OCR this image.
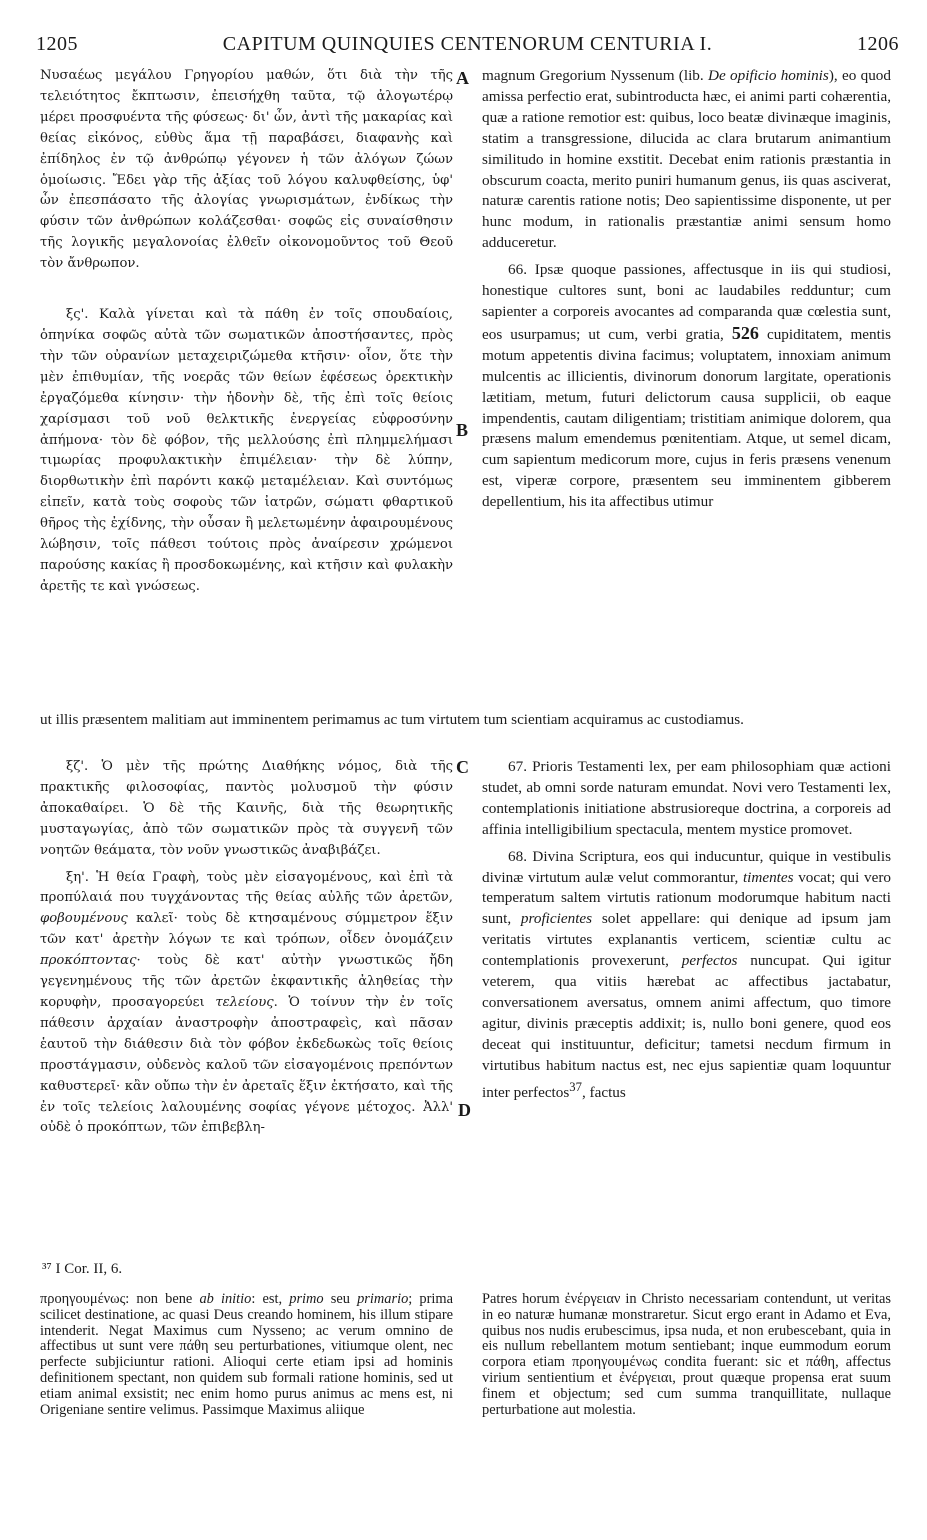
1205	CAPITUM QUINQUIES CENTENORUM CENTURIA I.	1206
A
B
C
D

Νυσαέως μεγάλου Γρηγορίου μαθών, ὅτι διὰ τὴν τῆς τελειότητος ἔκπτωσιν, ἐπεισήχθη ταῦτα, τῷ ἀλογωτέρῳ μέρει προσφυέντα τῆς φύσεως· δι' ὧν, ἀντὶ τῆς μακαρίας καὶ θείας εἰκόνος, εὐθὺς ἅμα τῇ παραβάσει, διαφανὴς καὶ ἐπίδηλος ἐν τῷ ἀνθρώπῳ γέγονεν ἡ τῶν ἀλόγων ζώων ὁμοίωσις. Ἔδει γὰρ τῆς ἀξίας τοῦ λόγου καλυφθείσης, ὑφ' ὧν ἐπεσπάσατο τῆς ἀλογίας γνωρισμάτων, ἐνδίκως τὴν φύσιν τῶν ἀνθρώπων κολάζεσθαι· σοφῶς εἰς συναίσθησιν τῆς λογικῆς μεγαλονοίας ἐλθεῖν οἰκονομοῦντος τοῦ Θεοῦ τὸν ἄνθρωπον.

ξς'. Καλὰ γίνεται καὶ τὰ πάθη ἐν τοῖς σπουδαίοις, ὁπηνίκα σοφῶς αὐτὰ τῶν σωματικῶν ἀποστήσαντες, πρὸς τὴν τῶν οὐρανίων μεταχειριζώμεθα κτῆσιν· οἷον, ὅτε τὴν μὲν ἐπιθυμίαν, τῆς νοερᾶς τῶν θείων ἐφέσεως ὀρεκτικὴν ἐργαζόμεθα κίνησιν· τὴν ἡδονὴν δὲ, τῆς ἐπὶ τοῖς θείοις χαρίσμασι τοῦ νοῦ θελκτικῆς ἐνεργείας εὐφροσύνην ἀπήμονα· τὸν δὲ φόβον, τῆς μελλούσης ἐπὶ πλημμελήμασι τιμωρίας προφυλακτικὴν ἐπιμέλειαν· τὴν δὲ λύπην, διορθωτικὴν ἐπὶ παρόντι κακῷ μεταμέλειαν. Καὶ συντόμως εἰπεῖν, κατὰ τοὺς σοφοὺς τῶν ἰατρῶν, σώματι φθαρτικοῦ θῆρος τὴς ἐχίδνης, τὴν οὖσαν ἢ μελετωμένην ἀφαιρουμένους λώβησιν, τοῖς πάθεσι τούτοις πρὸς ἀναίρεσιν χρώμενοι παρούσης κακίας ἢ προσδοκωμένης, καὶ κτῆσιν καὶ φυλακὴν ἀρετῆς τε καὶ γνώσεως.

magnum Gregorium Nyssenum (lib. De opificio hominis), eo quod amissa perfectio erat, subintroducta hæc, ei animi parti cohærentia, quæ a ratione remotior est: quibus, loco beatæ divinæque imaginis, statim a transgressione, dilucida ac clara brutarum animantium similitudo in homine exstitit. Decebat enim rationis præstantia in obscurum coacta, merito puniri humanum genus, iis quas asciverat, naturæ carentis ratione notis; Deo sapientissime disponente, ut per hunc modum, in rationalis præstantiæ animi sensum homo adduceretur.

66. Ipsæ quoque passiones, affectusque in iis qui studiosi, honestique cultores sunt, boni ac laudabiles redduntur; cum sapienter a corporeis avocantes ad comparanda quæ cœlestia sunt, eos usurpamus; ut cum, verbi gratia, 526 cupiditatem, mentis motum appetentis divina facimus; voluptatem, innoxiam animum mulcentis ac illicientis, divinorum donorum largitate, operationis lætitiam, metum, futuri delictorum causa supplicii, ob eaque impendentis, cautam diligentiam; tristitiam animique dolorem, qua præsens malum emendemus pœnitentiam. Atque, ut semel dicam, cum sapientum medicorum more, cujus in feris præsens venenum est, viperæ corpore, præsentem seu imminentem gibberem depellentium, his ita affectibus utimur

ut illis præsentem malitiam aut imminentem perimamus ac tum virtutem tum scientiam acquiramus ac custodiamus.

ξζ'. Ὁ μὲν τῆς πρώτης Διαθήκης νόμος, διὰ τῆς πρακτικῆς φιλοσοφίας, παντὸς μολυσμοῦ τὴν φύσιν ἀποκαθαίρει. Ὁ δὲ τῆς Καινῆς, διὰ τῆς θεωρητικῆς μυσταγωγίας, ἀπὸ τῶν σωματικῶν πρὸς τὰ συγγενῆ τῶν νοητῶν θεάματα, τὸν νοῦν γνωστικῶς ἀναβιβάζει.

ξη'. Ἡ θεία Γραφὴ, τοὺς μὲν εἰσαγομένους, καὶ ἐπὶ τὰ προπύλαιά που τυγχάνοντας τῆς θείας αὐλῆς τῶν ἀρετῶν, φοβουμένους καλεῖ· τοὺς δὲ κτησαμένους σύμμετρον ἕξιν τῶν κατ' ἀρετὴν λόγων τε καὶ τρόπων, οἶδεν ὀνομάζειν προκόπτοντας· τοὺς δὲ κατ' αὐτὴν γνωστικῶς ἤδη γεγενημένους τῆς τῶν ἀρετῶν ἐκφαντικῆς ἀληθείας τὴν κορυφὴν, προσαγορεύει τελείους. Ὁ τοίνυν τὴν ἐν τοῖς πάθεσιν ἀρχαίαν ἀναστροφὴν ἀποστραφεὶς, καὶ πᾶσαν ἑαυτοῦ τὴν διάθεσιν διὰ τὸν φόβον ἐκδεδωκὼς τοῖς θείοις προστάγμασιν, οὐδενὸς καλοῦ τῶν εἰσαγομένοις πρεπόντων καθυστερεῖ· κἂν οὔπω τὴν ἐν ἀρεταῖς ἕξιν ἐκτήσατο, καὶ τῆς ἐν τοῖς τελείοις λαλουμένης σοφίας γέγονε μέτοχος. Ἀλλ' οὐδὲ ὁ προκόπτων, τῶν ἐπιβεβλη-

67. Prioris Testamenti lex, per eam philosophiam quæ actioni studet, ab omni sorde naturam emundat. Novi vero Testamenti lex, contemplationis initiatione abstrusioreque doctrina, a corporeis ad affinia intelligibilium spectacula, mentem mystice promovet.

68. Divina Scriptura, eos qui inducuntur, quique in vestibulis divinæ virtutum aulæ velut commorantur, timentes vocat; qui vero temperatum saltem virtutis rationum modorumque habitum nacti sunt, proficientes solet appellare: qui denique ad ipsum jam veritatis virtutes explanantis verticem, scientiæ cultu ac contemplationis provexerunt, perfectos nuncupat. Qui igitur veterem, qua vitiis hærebat ac affectibus jactabatur, conversationem aversatus, omnem animi affectum, quo timore agitur, divinis præceptis addixit; is, nullo boni genere, quod eos deceat qui instituuntur, deficitur; tametsi necdum firmum in virtutibus habitum nactus est, nec ejus sapientiæ quam loquuntur inter perfectos$^{37}$, factus

³⁷ I Cor. II, 6.
προηγουμένως: non bene ab initio: est, primo seu primario; prima scilicet destinatione, ac quasi Deus creando hominem, his illum stipare intenderit. Negat Maximus cum Nysseno; ac verum omnino de affectibus ut sunt vere πάθη seu perturbationes, vitiumque olent, nec perfecte subjiciuntur rationi. Alioqui certe etiam ipsi ad hominis definitionem spectant, non quidem sub formali ratione hominis, sed ut etiam animal exsistit; nec enim homo purus animus ac mens est, ni Origeniane sentire velimus. Passimque Maximus aliique
Patres horum ἐνέργειαν in Christo necessariam contendunt, ut veritas in eo naturæ humanæ monstraretur. Sicut ergo erant in Adamo et Eva, quibus nos nudis erubescimus, ipsa nuda, et non erubescebant, quia in eis nullum rebellantem motum sentiebant; inque eummodum eorum corpora etiam προηγουμένως condita fuerant: sic et πάθη, affectus virium sentientium et ἐνέργειαι, prout quæque propensa erat suum finem et objectum; sed cum summa tranquillitate, nullaque perturbatione aut molestia.
